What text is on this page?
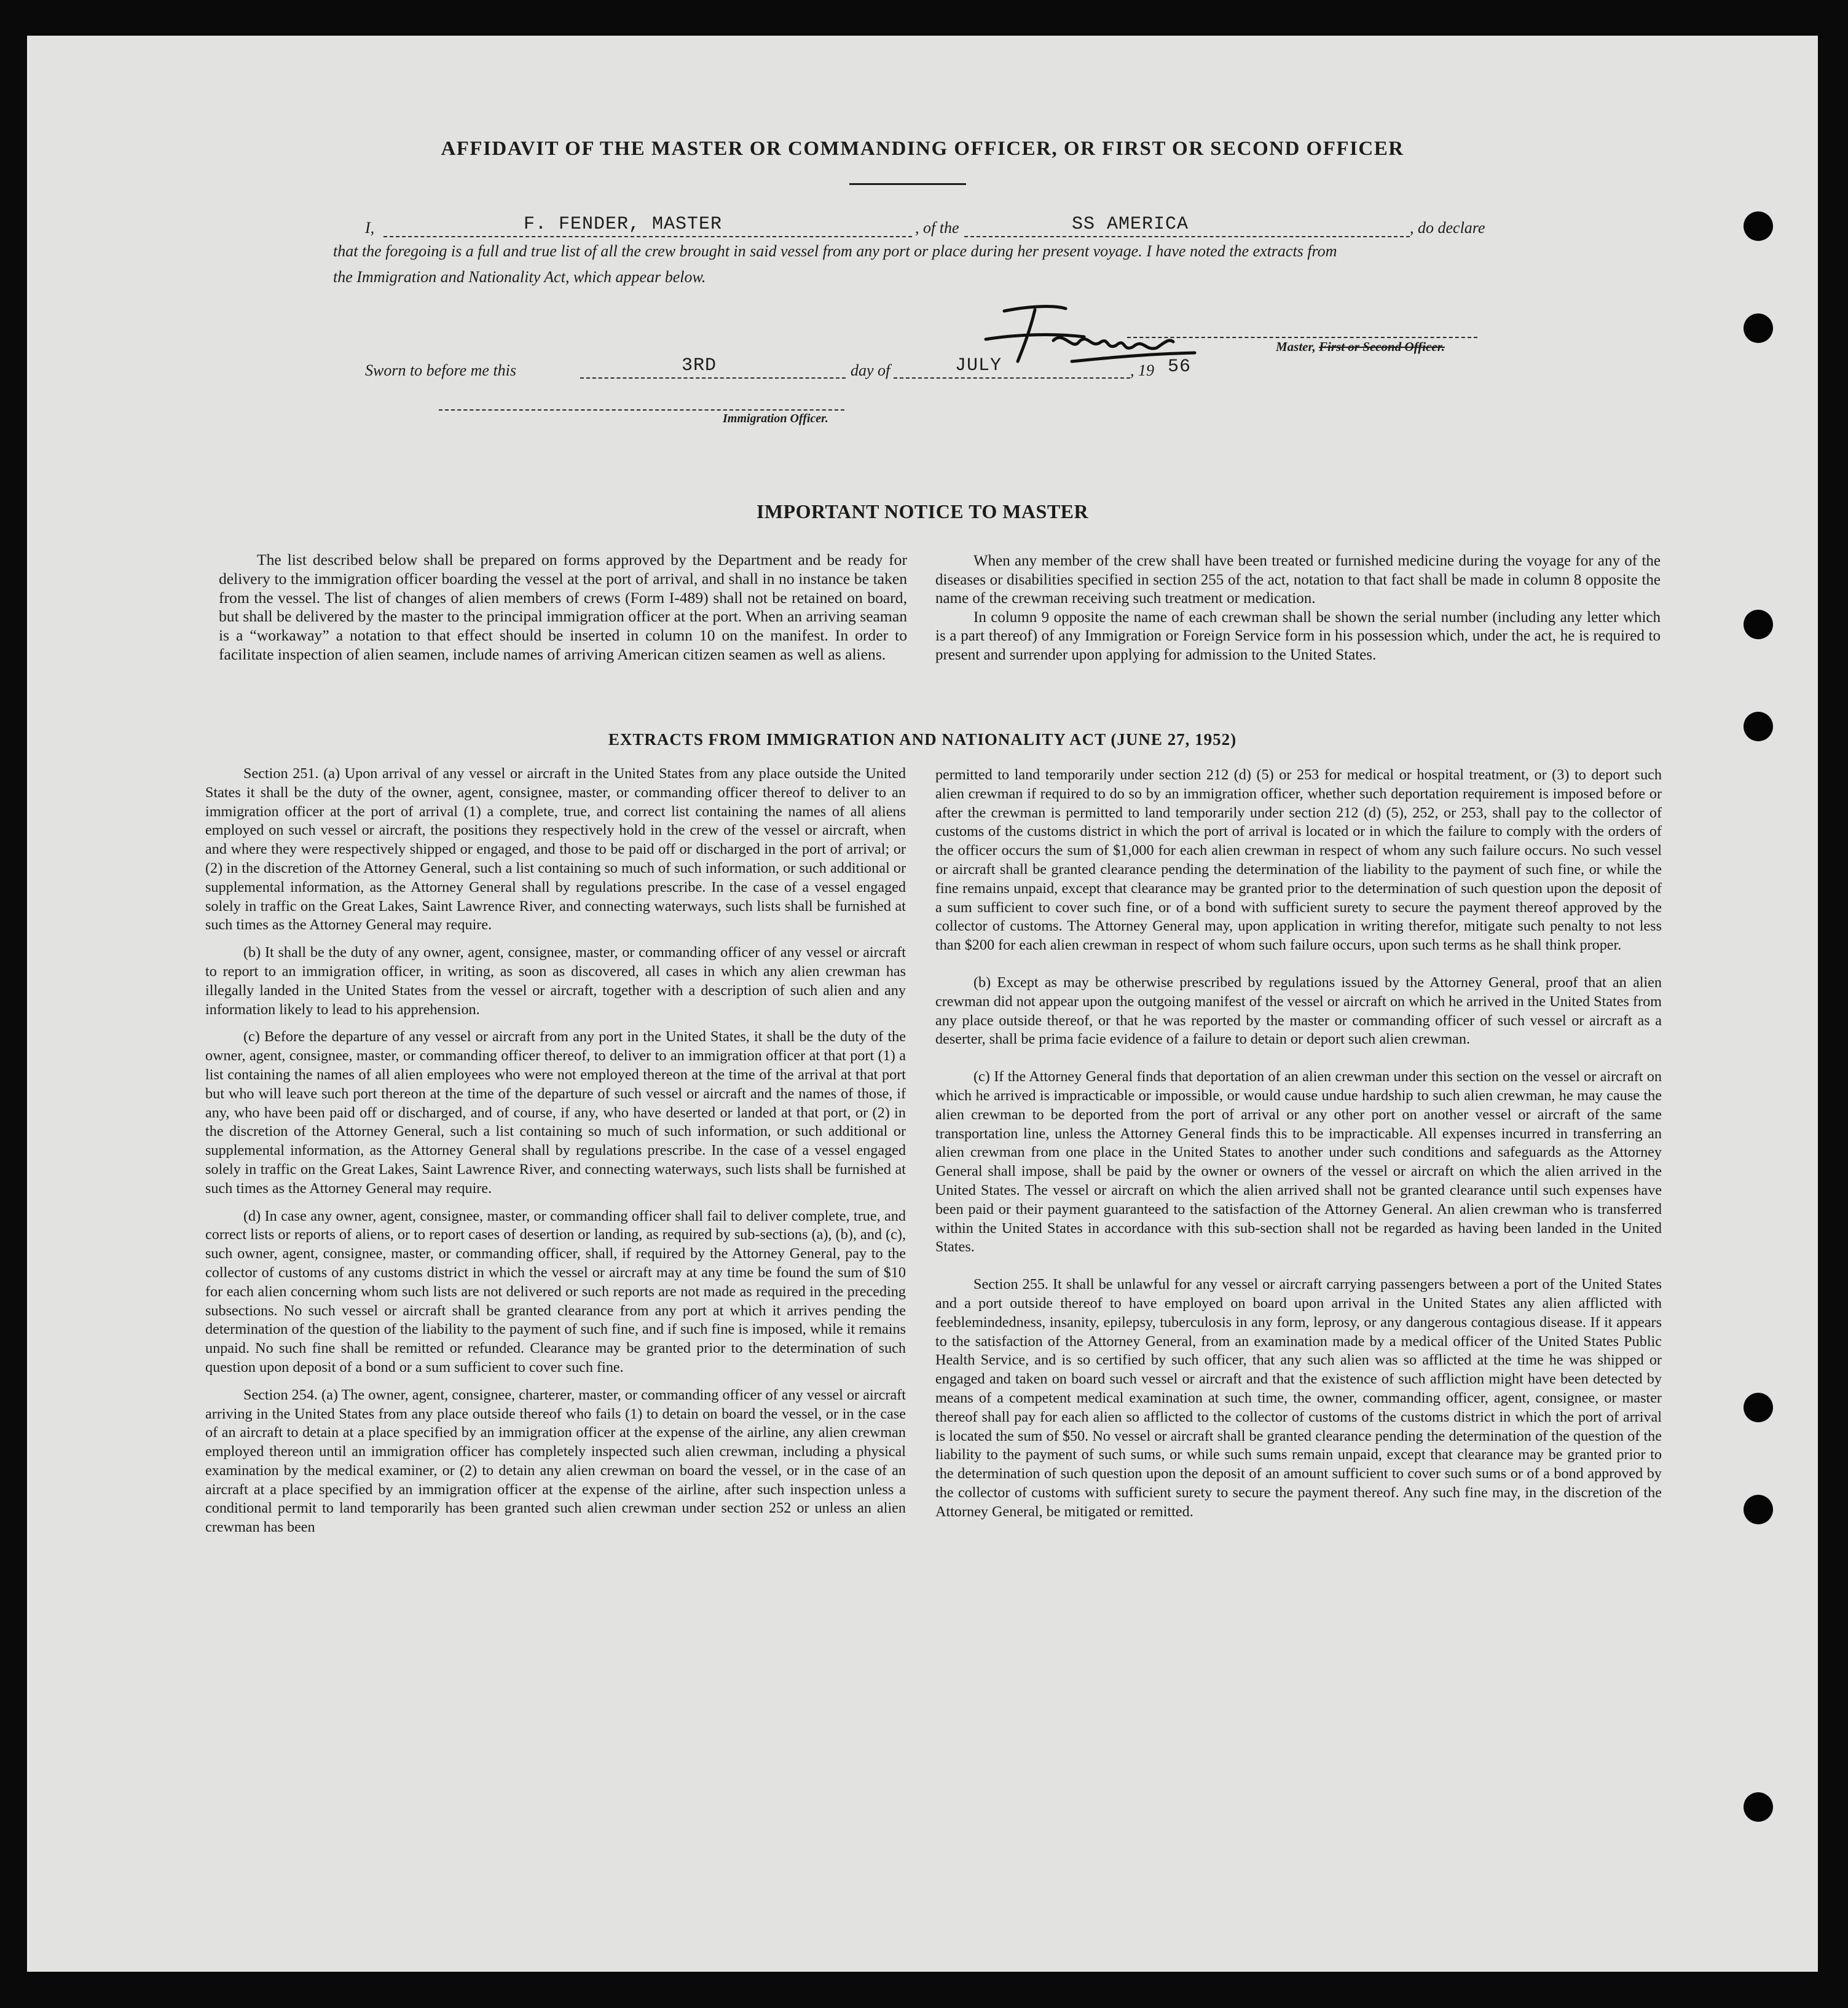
AFFIDAVIT OF THE MASTER OR COMMANDING OFFICER, OR FIRST OR SECOND OFFICER
I,	F. FENDER, MASTER	, of the	SS AMERICA	, do declare
that the foregoing is a full and true list of all the crew brought in said vessel from any port or place during her present voyage. I have noted the extracts from
the Immigration and Nationality Act, which appear below.
Master, First or Second Officer.
Sworn to before me this	3RD	day of	JULY	, 19 56
Immigration Officer.
IMPORTANT NOTICE TO MASTER

The list described below shall be prepared on forms approved by the Department and be ready for delivery to the immigration officer boarding the vessel at the port of arrival, and shall in no instance be taken from the vessel. The list of changes of alien members of crews (Form I-489) shall not be retained on board, but shall be delivered by the master to the principal immigration officer at the port. When an arriving seaman is a “workaway” a notation to that effect should be inserted in column 10 on the manifest. In order to facilitate inspection of alien seamen, include names of arriving American citizen seamen as well as aliens.

When any member of the crew shall have been treated or furnished medicine during the voyage for any of the diseases or disabilities specified in section 255 of the act, notation to that fact shall be made in column 8 opposite the name of the crewman receiving such treatment or medication.

In column 9 opposite the name of each crewman shall be shown the serial number (including any letter which is a part thereof) of any Immigration or Foreign Service form in his possession which, under the act, he is required to present and surrender upon applying for admission to the United States.

EXTRACTS FROM IMMIGRATION AND NATIONALITY ACT (JUNE 27, 1952)

Section 251. (a) Upon arrival of any vessel or aircraft in the United States from any place outside the United States it shall be the duty of the owner, agent, consignee, master, or commanding officer thereof to deliver to an immigration officer at the port of arrival (1) a complete, true, and correct list containing the names of all aliens employed on such vessel or aircraft, the positions they respectively hold in the crew of the vessel or aircraft, when and where they were respectively shipped or engaged, and those to be paid off or discharged in the port of arrival; or (2) in the discretion of the Attorney General, such a list containing so much of such information, or such additional or supplemental information, as the Attorney General shall by regulations prescribe. In the case of a vessel engaged solely in traffic on the Great Lakes, Saint Lawrence River, and connecting waterways, such lists shall be furnished at such times as the Attorney General may require.

(b) It shall be the duty of any owner, agent, consignee, master, or commanding officer of any vessel or aircraft to report to an immigration officer, in writing, as soon as discovered, all cases in which any alien crewman has illegally landed in the United States from the vessel or aircraft, together with a description of such alien and any information likely to lead to his apprehension.

(c) Before the departure of any vessel or aircraft from any port in the United States, it shall be the duty of the owner, agent, consignee, master, or commanding officer thereof, to deliver to an immigration officer at that port (1) a list containing the names of all alien employees who were not employed thereon at the time of the arrival at that port but who will leave such port thereon at the time of the departure of such vessel or aircraft and the names of those, if any, who have been paid off or discharged, and of course, if any, who have deserted or landed at that port, or (2) in the discretion of the Attorney General, such a list containing so much of such information, or such additional or supplemental information, as the Attorney General shall by regulations prescribe. In the case of a vessel engaged solely in traffic on the Great Lakes, Saint Lawrence River, and connecting waterways, such lists shall be furnished at such times as the Attorney General may require.

(d) In case any owner, agent, consignee, master, or commanding officer shall fail to deliver complete, true, and correct lists or reports of aliens, or to report cases of desertion or landing, as required by sub-sections (a), (b), and (c), such owner, agent, consignee, master, or commanding officer, shall, if required by the Attorney General, pay to the collector of customs of any customs district in which the vessel or aircraft may at any time be found the sum of $10 for each alien concerning whom such lists are not delivered or such reports are not made as required in the preceding subsections. No such vessel or aircraft shall be granted clearance from any port at which it arrives pending the determination of the question of the liability to the payment of such fine, and if such fine is imposed, while it remains unpaid. No such fine shall be remitted or refunded. Clearance may be granted prior to the determination of such question upon deposit of a bond or a sum sufficient to cover such fine.

Section 254. (a) The owner, agent, consignee, charterer, master, or commanding officer of any vessel or aircraft arriving in the United States from any place outside thereof who fails (1) to detain on board the vessel, or in the case of an aircraft to detain at a place specified by an immigration officer at the expense of the airline, any alien crewman employed thereon until an immigration officer has completely inspected such alien crewman, including a physical examination by the medical examiner, or (2) to detain any alien crewman on board the vessel, or in the case of an aircraft at a place specified by an immigration officer at the expense of the airline, after such inspection unless a conditional permit to land temporarily has been granted such alien crewman under section 252 or unless an alien crewman has been

permitted to land temporarily under section 212 (d) (5) or 253 for medical or hospital treatment, or (3) to deport such alien crewman if required to do so by an immigration officer, whether such deportation requirement is imposed before or after the crewman is permitted to land temporarily under section 212 (d) (5), 252, or 253, shall pay to the collector of customs of the customs district in which the port of arrival is located or in which the failure to comply with the orders of the officer occurs the sum of $1,000 for each alien crewman in respect of whom any such failure occurs. No such vessel or aircraft shall be granted clearance pending the determination of the liability to the payment of such fine, or while the fine remains unpaid, except that clearance may be granted prior to the determination of such question upon the deposit of a sum sufficient to cover such fine, or of a bond with sufficient surety to secure the payment thereof approved by the collector of customs. The Attorney General may, upon application in writing therefor, mitigate such penalty to not less than $200 for each alien crewman in respect of whom such failure occurs, upon such terms as he shall think proper.

(b) Except as may be otherwise prescribed by regulations issued by the Attorney General, proof that an alien crewman did not appear upon the outgoing manifest of the vessel or aircraft on which he arrived in the United States from any place outside thereof, or that he was reported by the master or commanding officer of such vessel or aircraft as a deserter, shall be prima facie evidence of a failure to detain or deport such alien crewman.

(c) If the Attorney General finds that deportation of an alien crewman under this section on the vessel or aircraft on which he arrived is impracticable or impossible, or would cause undue hardship to such alien crewman, he may cause the alien crewman to be deported from the port of arrival or any other port on another vessel or aircraft of the same transportation line, unless the Attorney General finds this to be impracticable. All expenses incurred in transferring an alien crewman from one place in the United States to another under such conditions and safeguards as the Attorney General shall impose, shall be paid by the owner or owners of the vessel or aircraft on which the alien arrived in the United States. The vessel or aircraft on which the alien arrived shall not be granted clearance until such expenses have been paid or their payment guaranteed to the satisfaction of the Attorney General. An alien crewman who is transferred within the United States in accordance with this sub-section shall not be regarded as having been landed in the United States.

Section 255. It shall be unlawful for any vessel or aircraft carrying passengers between a port of the United States and a port outside thereof to have employed on board upon arrival in the United States any alien afflicted with feeblemindedness, insanity, epilepsy, tuberculosis in any form, leprosy, or any dangerous contagious disease. If it appears to the satisfaction of the Attorney General, from an examination made by a medical officer of the United States Public Health Service, and is so certified by such officer, that any such alien was so afflicted at the time he was shipped or engaged and taken on board such vessel or aircraft and that the existence of such affliction might have been detected by means of a competent medical examination at such time, the owner, commanding officer, agent, consignee, or master thereof shall pay for each alien so afflicted to the collector of customs of the customs district in which the port of arrival is located the sum of $50. No vessel or aircraft shall be granted clearance pending the determination of the question of the liability to the payment of such sums, or while such sums remain unpaid, except that clearance may be granted prior to the determination of such question upon the deposit of an amount sufficient to cover such sums or of a bond approved by the collector of customs with sufficient surety to secure the payment thereof. Any such fine may, in the discretion of the Attorney General, be mitigated or remitted.
